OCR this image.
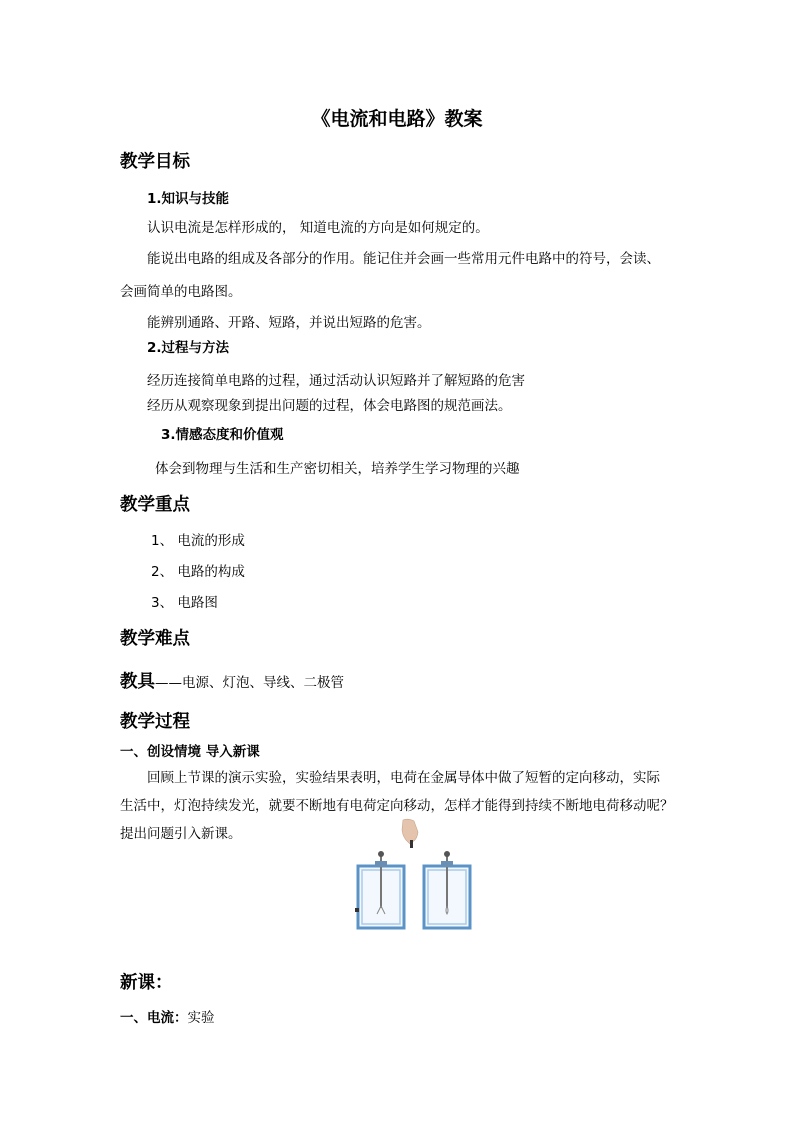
《电流和电路》教案
教学目标
1.知识与技能
认识电流是怎样形成的， 知道电流的方向是如何规定的。
能说出电路的组成及各部分的作用。能记住并会画一些常用元件电路中的符号，会读、
会画简单的电路图。
能辨别通路、开路、短路，并说出短路的危害。
2.过程与方法
经历连接简单电路的过程，通过活动认识短路并了解短路的危害
经历从观察现象到提出问题的过程，体会电路图的规范画法。
3.情感态度和价值观
体会到物理与生活和生产密切相关，培养学生学习物理的兴趣
教学重点
1、 电流的形成
2、 电路的构成
3、 电路图
教学难点
教具——电源、灯泡、导线、二极管
教学过程
一、创设情境 导入新课
回顾上节课的演示实验，实验结果表明，电荷在金属导体中做了短暂的定向移动，实际
生活中，灯泡持续发光，就要不断地有电荷定向移动，怎样才能得到持续不断地电荷移动呢？
提出问题引入新课。
新课：
一、电流：实验
